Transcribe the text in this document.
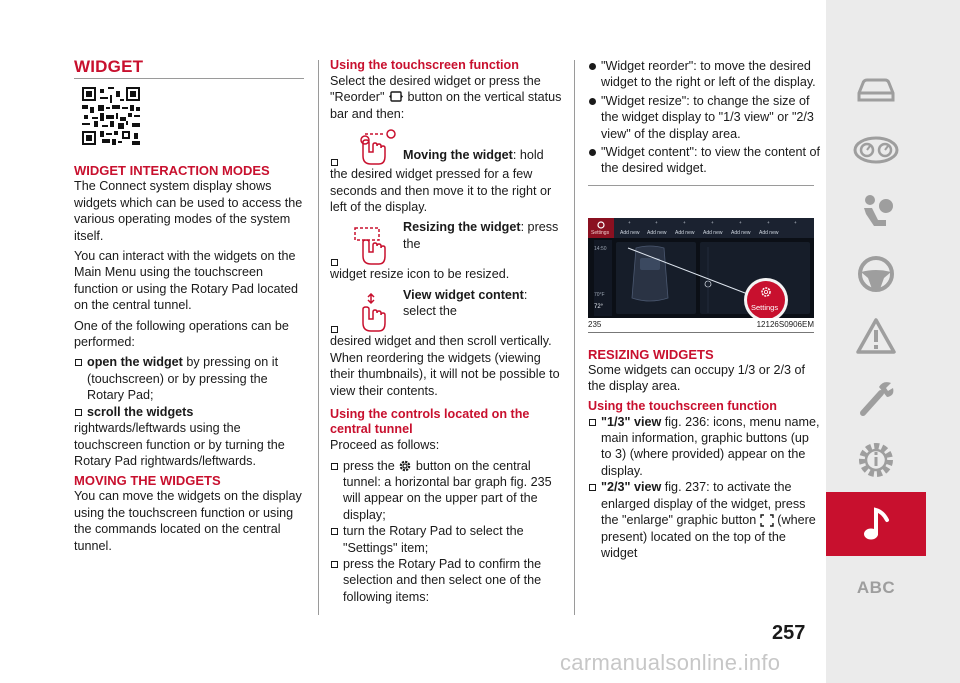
WIDGET
WIDGET INTERACTION MODES

The Connect system display shows widgets which can be used to access the various operating modes of the system itself.

You can interact with the widgets on the Main Menu using the touchscreen function or using the Rotary Pad located on the central tunnel.

One of the following operations can be performed:

open the widget by pressing on it (touchscreen) or by pressing the Rotary Pad;
scroll the widgets

rightwards/leftwards using the touchscreen function or by turning the Rotary Pad rightwards/leftwards.

MOVING THE WIDGETS

You can move the widgets on the display using the touchscreen function or using the commands located on the central tunnel.

Using the touchscreen function

Select the desired widget or press the "Reorder" button on the vertical status bar and then:

Moving the widget: hold

the desired widget pressed for a few seconds and then move it to the right or left of the display.

Resizing the widget: press the

widget resize icon to be resized.

View widget content: select the

desired widget and then scroll vertically. When reordering the widgets (viewing their thumbnails), it will not be possible to view their contents.

Using the controls located on the central tunnel

Proceed as follows:

press the button on the central tunnel: a horizontal bar graph fig. 235 will appear on the upper part of the display;
turn the Rotary Pad to select the "Settings" item;
press the Rotary Pad to confirm the selection and then select one of the following items:
"Widget reorder": to move the desired widget to the right or left of the display.
"Widget resize": to change the size of the widget display to "1/3 view" or "2/3 view" of the display area.
"Widget content": to view the content of the desired widget.
+	+	+	+	+	+	+
Settings Add new Add new Add new Add new Add new Add new
14:50
70°F
72°	Settings
235	12126S0906EM
RESIZING WIDGETS

Some widgets can occupy 1/3 or 2/3 of the display area.

Using the touchscreen function
"1/3" view fig. 236: icons, menu name, main information, graphic buttons (up to 3) (where provided) appear on the display.
"2/3" view fig. 237: to activate the enlarged display of the widget, press the "enlarge" graphic button (where present) located on the top of the widget
257
ABC
carmanualsonline.info
